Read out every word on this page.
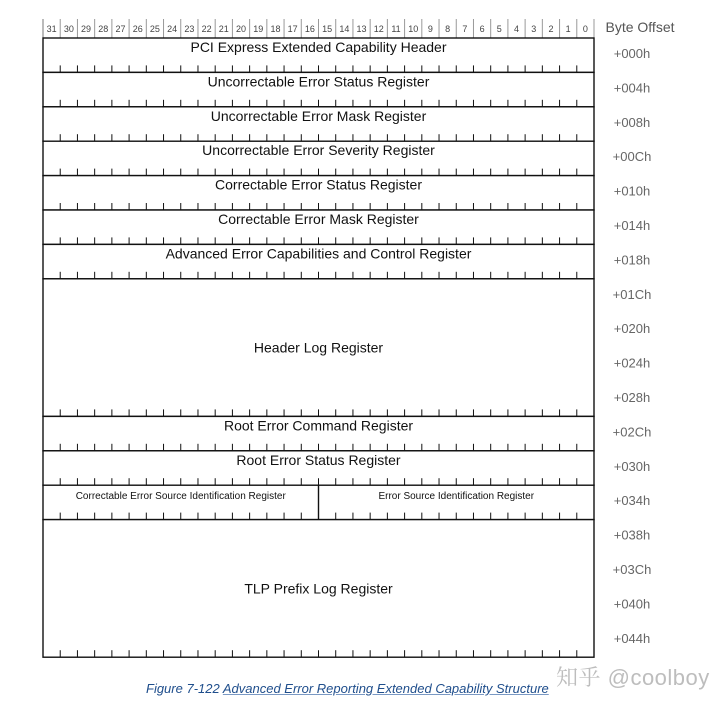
31 30 29 28 27 26 25 24 23 22 21 20 19 18 17 16 15 14 13 12 11 10 9 8 7 6 5 4 3 2 1 0 Byte Offset
PCI Express Extended Capability Header
Uncorrectable Error Status Register
Uncorrectable Error Mask Register
Uncorrectable Error Severity Register
Correctable Error Status Register
Correctable Error Mask Register
Advanced Error Capabilities and Control Register
Header Log Register
Root Error Command Register
Root Error Status Register
Correctable Error Source Identification Register	Error Source Identification Register
TLP Prefix Log Register
+000h
+004h
+008h
+00Ch
+010h
+014h
+018h
+01Ch
+020h
+024h
+028h
+02Ch
+030h
+034h
+038h
+03Ch
+040h
+044h
Figure 7-122 Advanced Error Reporting Extended Capability Structure 知乎 @coolboy
